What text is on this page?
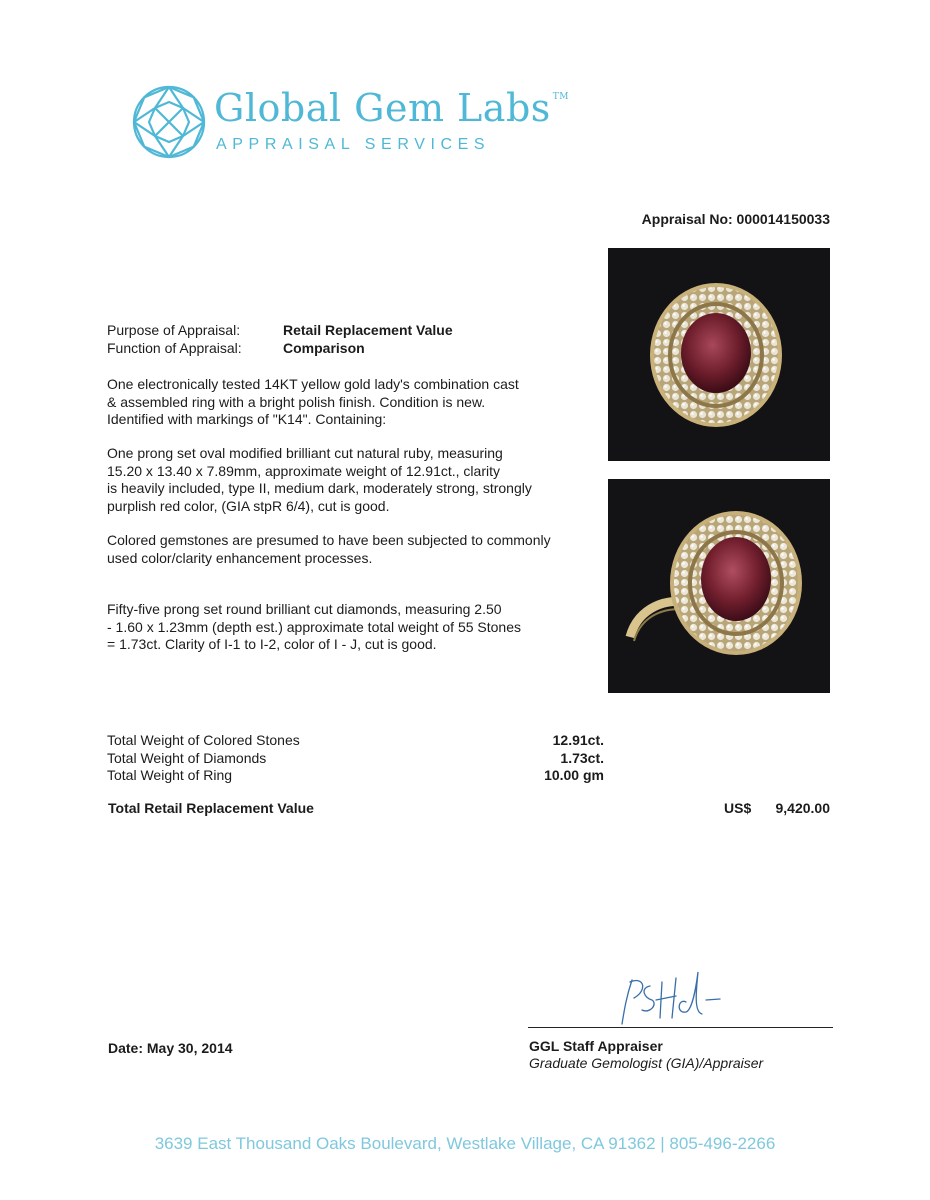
Global Gem Labs ™
APPRAISAL SERVICES
Appraisal No: 000014150033
Purpose of Appraisal:	Retail Replacement Value
Function of Appraisal:	Comparison
One electronically tested 14KT yellow gold lady's combination cast
& assembled ring with a bright polish finish. Condition is new.
Identified with markings of "K14". Containing:
One prong set oval modified brilliant cut natural ruby, measuring
15.20 x 13.40 x 7.89mm, approximate weight of 12.91ct., clarity
is heavily included, type II, medium dark, moderately strong, strongly
purplish red color, (GIA stpR 6/4), cut is good.
Colored gemstones are presumed to have been subjected to commonly
used color/clarity enhancement processes.
Fifty-five prong set round brilliant cut diamonds, measuring 2.50
- 1.60 x 1.23mm (depth est.) approximate total weight of 55 Stones
= 1.73ct. Clarity of I-1 to I-2, color of I - J, cut is good.
Total Weight of Colored Stones	12.91ct.
Total Weight of Diamonds	1.73ct.
Total Weight of Ring	10.00 gm
Total Retail Replacement Value	US$ 9,420.00
GGL Staff Appraiser
Graduate Gemologist (GIA)/Appraiser
Date: May 30, 2014
3639 East Thousand Oaks Boulevard, Westlake Village, CA 91362 | 805-496-2266
